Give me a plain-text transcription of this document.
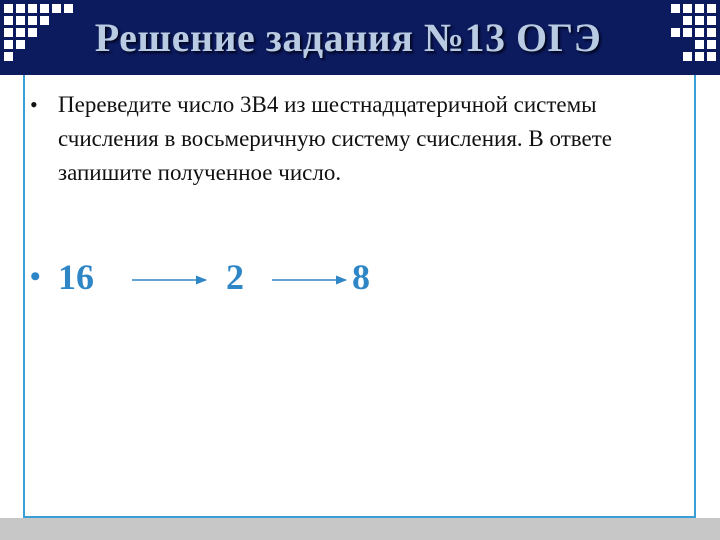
Решение задания №13 ОГЭ
• Переведите число 3B4 из шестнадцатеричной системы счисления в восьмеричную систему счисления. В ответе запишите полученное число.
• 16	2	8
